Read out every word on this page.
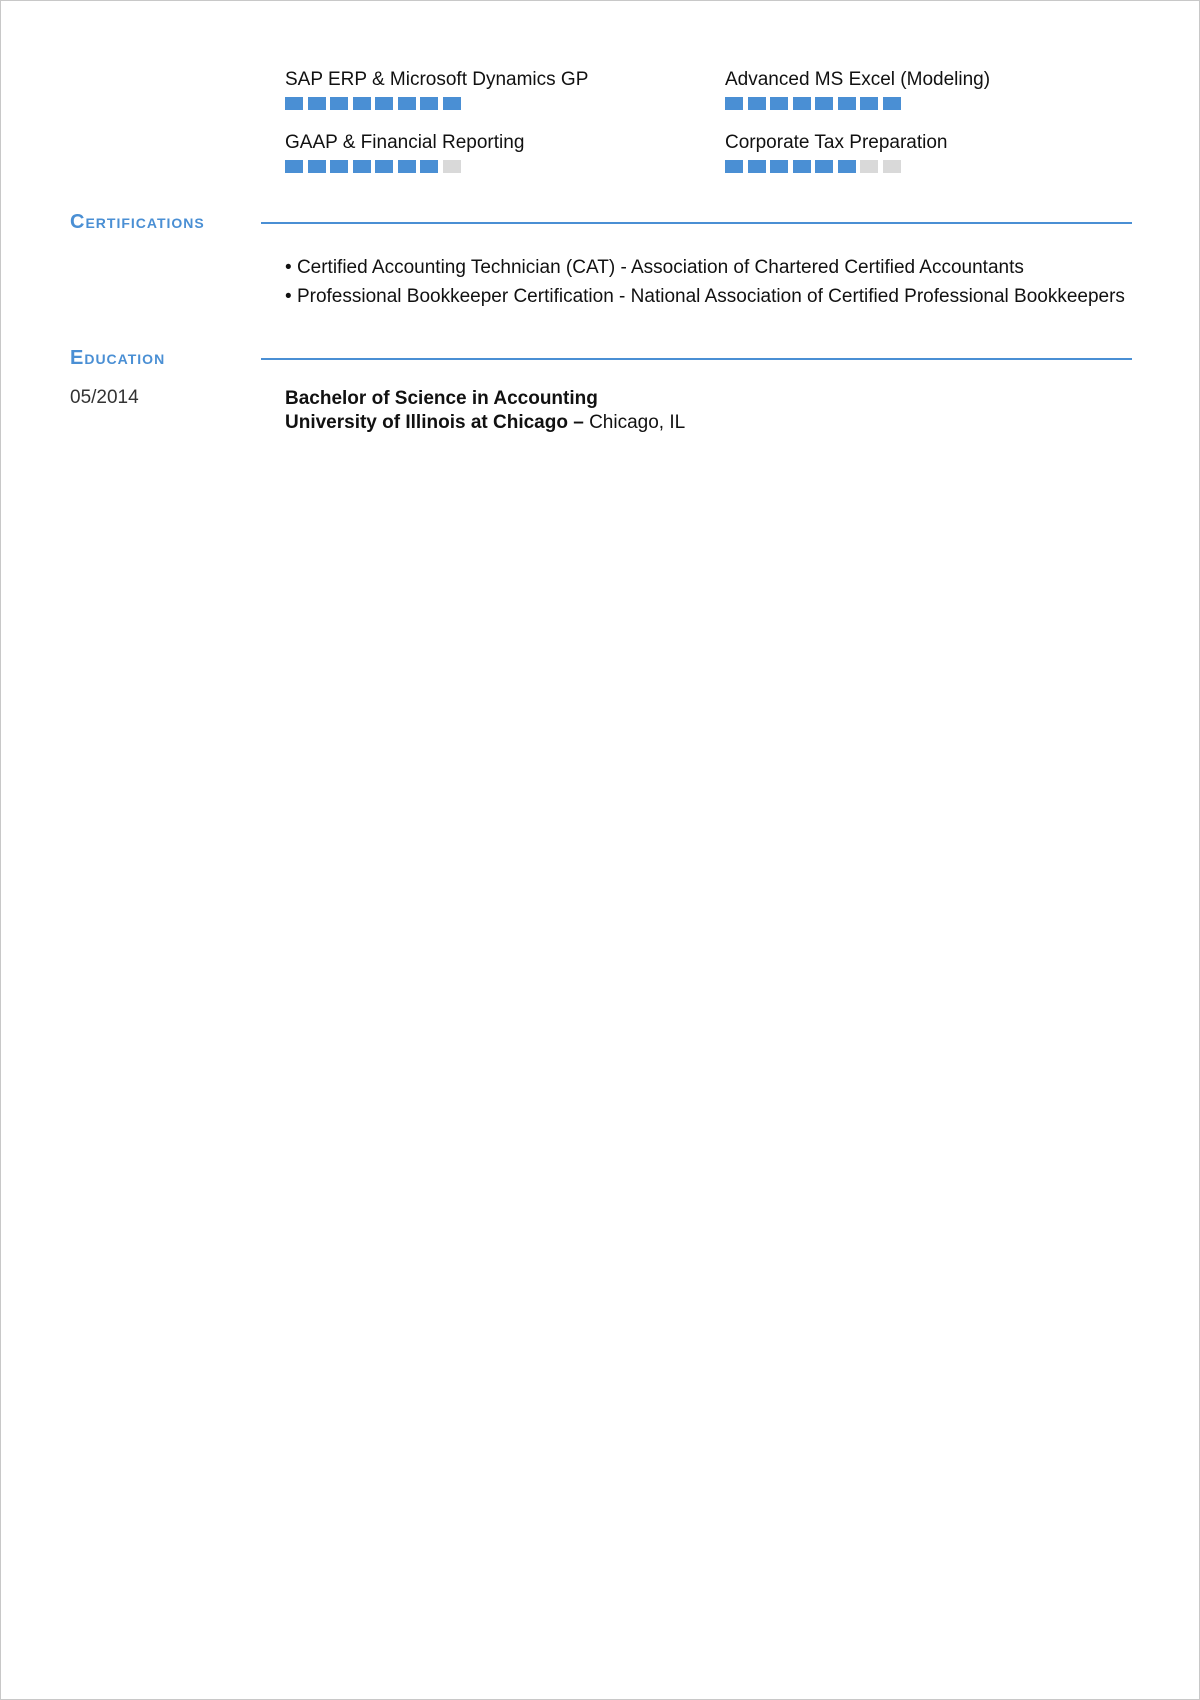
SAP ERP & Microsoft Dynamics GP	Advanced MS Excel (Modeling)
GAAP & Financial Reporting	Corporate Tax Preparation
Certifications
• Certified Accounting Technician (CAT) - Association of Chartered Certified Accountants
• Professional Bookkeeper Certification - National Association of Certified Professional Bookkeepers
Education
05/2014	Bachelor of Science in Accounting
University of Illinois at Chicago – Chicago, IL
